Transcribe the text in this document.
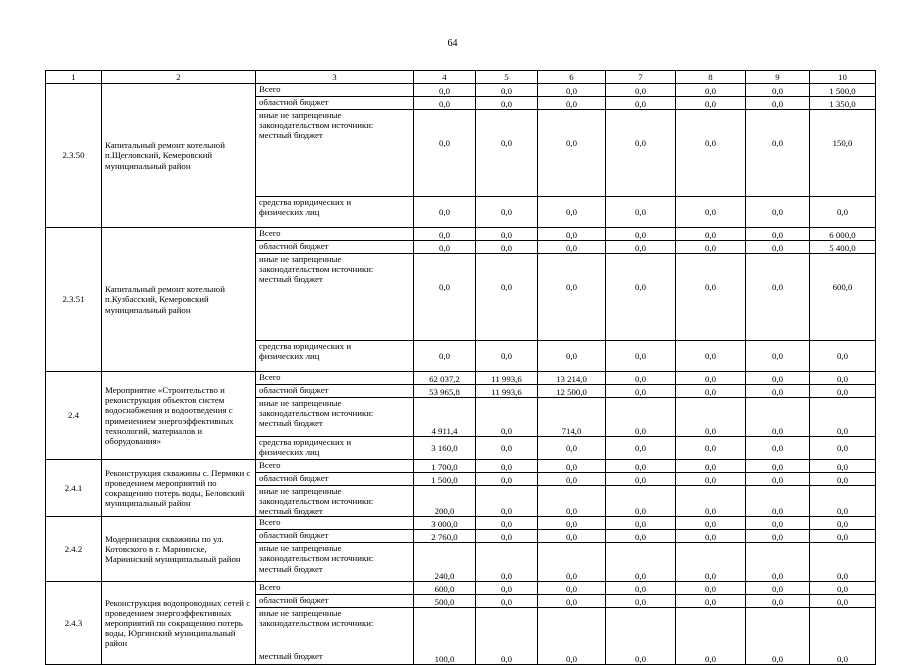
64
1	2	3	4	5	6	7	8	9	10
2.3.50	Капитальный ремонт котельной п.Щегловский, Кемеровский муниципальный район	Всего	0,0	0,0	0,0	0,0	0,0	0,0	1 500,0

		областной бюджет	0,0	0,0	0,0	0,0	0,0	0,0	1 350,0

		иные не запрещенные
законодательством источники:
местный бюджет	0,0	0,0	0,0	0,0	0,0	0,0	150,0

		средства юридических и
физических лиц	0,0	0,0	0,0	0,0	0,0	0,0	0,0
2.3.51	Капитальный ремонт котельной п.Кузбасский, Кемеровский муниципальный район	Всего	0,0	0,0	0,0	0,0	0,0	0,0	6 000,0

		областной бюджет	0,0	0,0	0,0	0,0	0,0	0,0	5 400,0

		иные не запрещенные
законодательством источники:
местный бюджет	0,0	0,0	0,0	0,0	0,0	0,0	600,0

		средства юридических и
физических лиц	0,0	0,0	0,0	0,0	0,0	0,0	0,0
2.4	Мероприятие «Строительство и реконструкция объектов систем водоснабжения и водоотведения с применением энергоэффективных технологий, материалов и оборудования»	Всего	62 037,2	11 993,6	13 214,0	0,0	0,0	0,0	0,0

		областной бюджет	53 965,8	11 993,6	12 500,0	0,0	0,0	0,0	0,0

		иные не запрещенные
законодательством источники:
местный бюджет	4 911,4	0,0	714,0	0,0	0,0	0,0	0,0

		средства юридических и
физических лиц	3 160,0	0,0	0,0	0,0	0,0	0,0	0,0
2.4.1	Реконструкция скважины с. Пермяки с проведением мероприятий по сокращению потерь воды, Беловский муниципальный район	Всего	1 700,0	0,0	0,0	0,0	0,0	0,0	0,0

		областной бюджет	1 500,0	0,0	0,0	0,0	0,0	0,0	0,0

		иные не запрещенные
законодательством источники:
местный бюджет	200,0	0,0	0,0	0,0	0,0	0,0	0,0
2.4.2	Модернизация скважины по ул. Котовского в г. Мариинске, Мариинский муниципальный район	Всего	3 000,0	0,0	0,0	0,0	0,0	0,0	0,0

		областной бюджет	2 760,0	0,0	0,0	0,0	0,0	0,0	0,0

		иные не запрещенные
законодательством источники:
местный бюджет	240,0	0,0	0,0	0,0	0,0	0,0	0,0
2.4.3	Реконструкция водопроводных сетей с проведением энергоэффективных мероприятий по сокращению потерь воды, Юргинский муниципальный район	Всего	600,0	0,0	0,0	0,0	0,0	0,0	0,0

		областной бюджет	500,0	0,0	0,0	0,0	0,0	0,0	0,0

		иные не запрещенные
законодательством источники:
местный бюджет	100,0	0,0	0,0	0,0	0,0	0,0	0,0
